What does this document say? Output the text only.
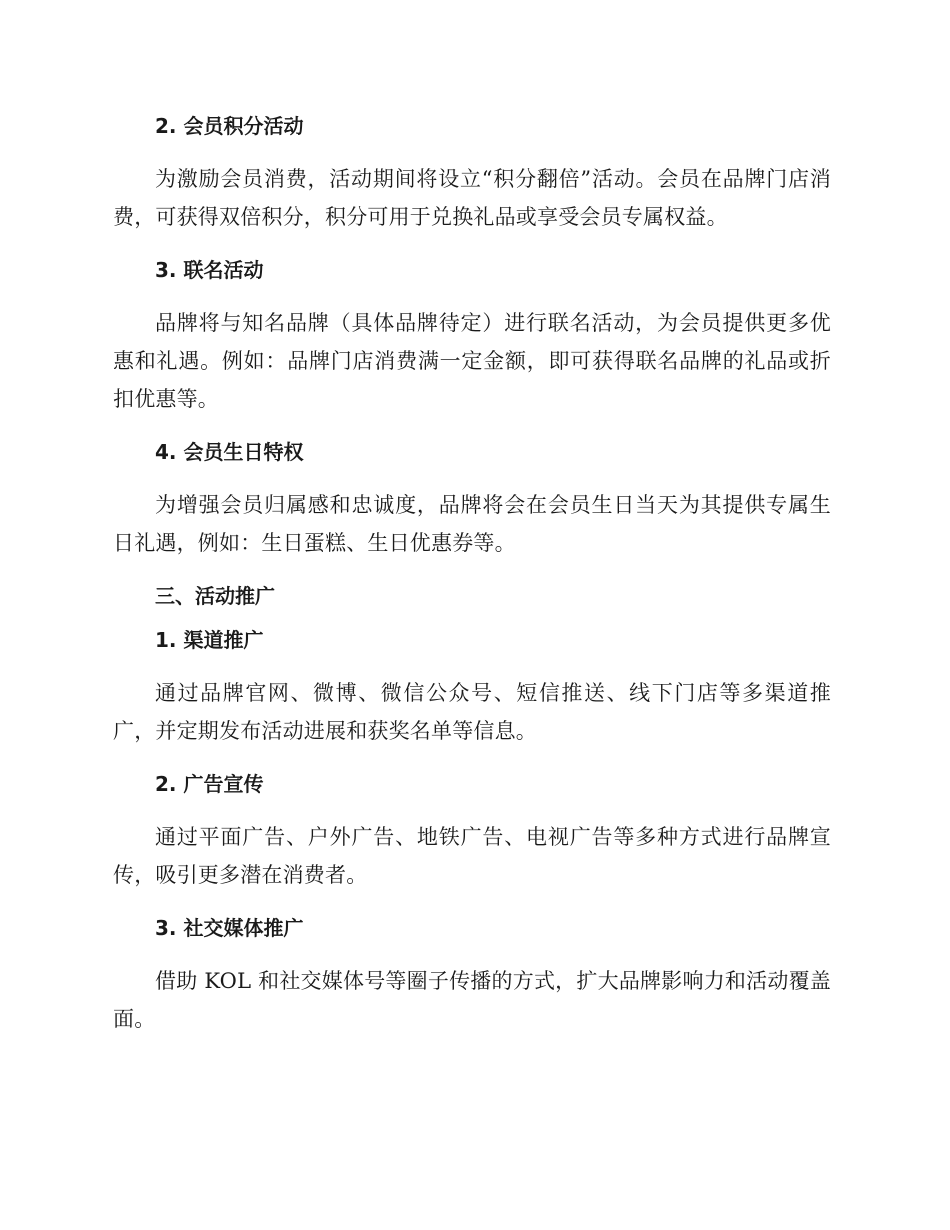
2. 会员积分活动

为激励会员消费，活动期间将设立“积分翻倍”活动。会员在品牌门店消费，可获得双倍积分，积分可用于兑换礼品或享受会员专属权益。

3. 联名活动

品牌将与知名品牌（具体品牌待定）进行联名活动，为会员提供更多优惠和礼遇。例如：品牌门店消费满一定金额，即可获得联名品牌的礼品或折扣优惠等。

4. 会员生日特权

为增强会员归属感和忠诚度，品牌将会在会员生日当天为其提供专属生日礼遇，例如：生日蛋糕、生日优惠券等。

三、活动推广
1. 渠道推广

通过品牌官网、微博、微信公众号、短信推送、线下门店等多渠道推广，并定期发布活动进展和获奖名单等信息。

2. 广告宣传

通过平面广告、户外广告、地铁广告、电视广告等多种方式进行品牌宣传，吸引更多潜在消费者。

3. 社交媒体推广

借助 KOL 和社交媒体号等圈子传播的方式，扩大品牌影响力和活动覆盖面。
